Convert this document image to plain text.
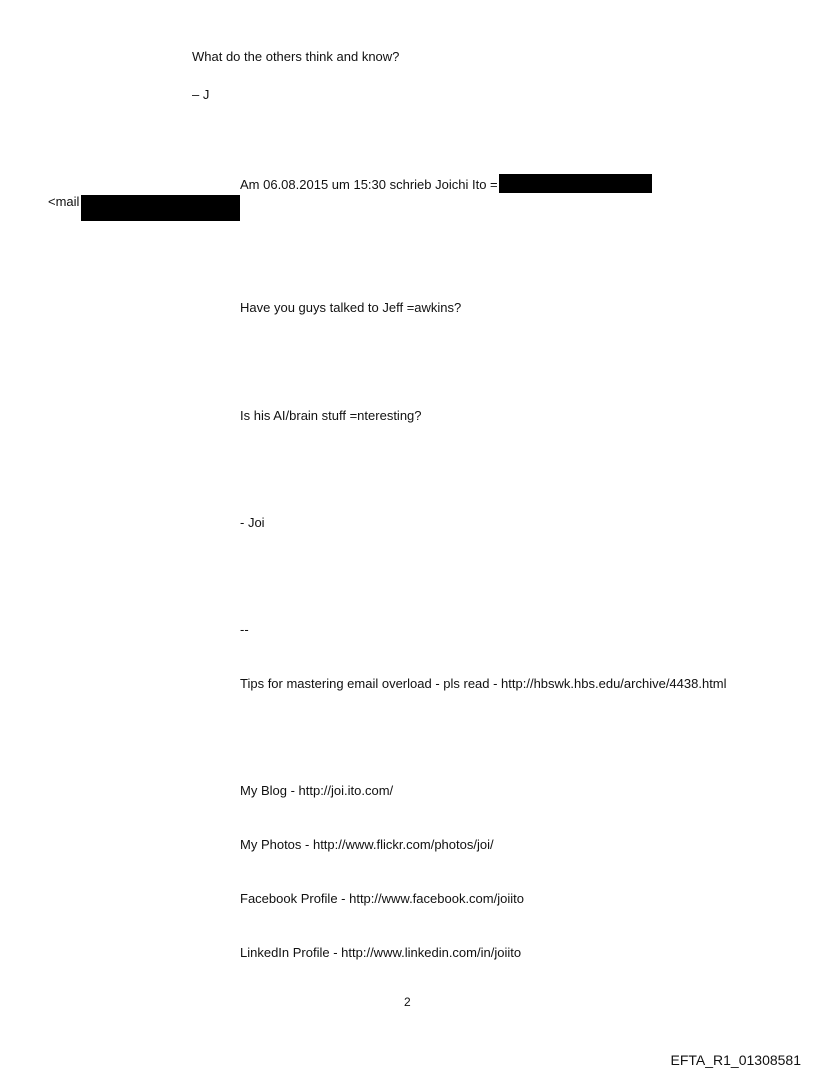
What do the others think and know?

– J

Am 06.08.2015 um 15:30 schrieb Joichi Ito =

<mail

Have you guys talked to Jeff =awkins?

Is his AI/brain stuff =nteresting?

- Joi

--

Tips for mastering email overload - pls read - http://hbswk.hbs.edu/archive/4438.html

My Blog - http://joi.ito.com/

My Photos - http://www.flickr.com/photos/joi/

Facebook Profile - http://www.facebook.com/joiito

LinkedIn Profile - http://www.linkedin.com/in/joiito

2

EFTA_R1_01308581
